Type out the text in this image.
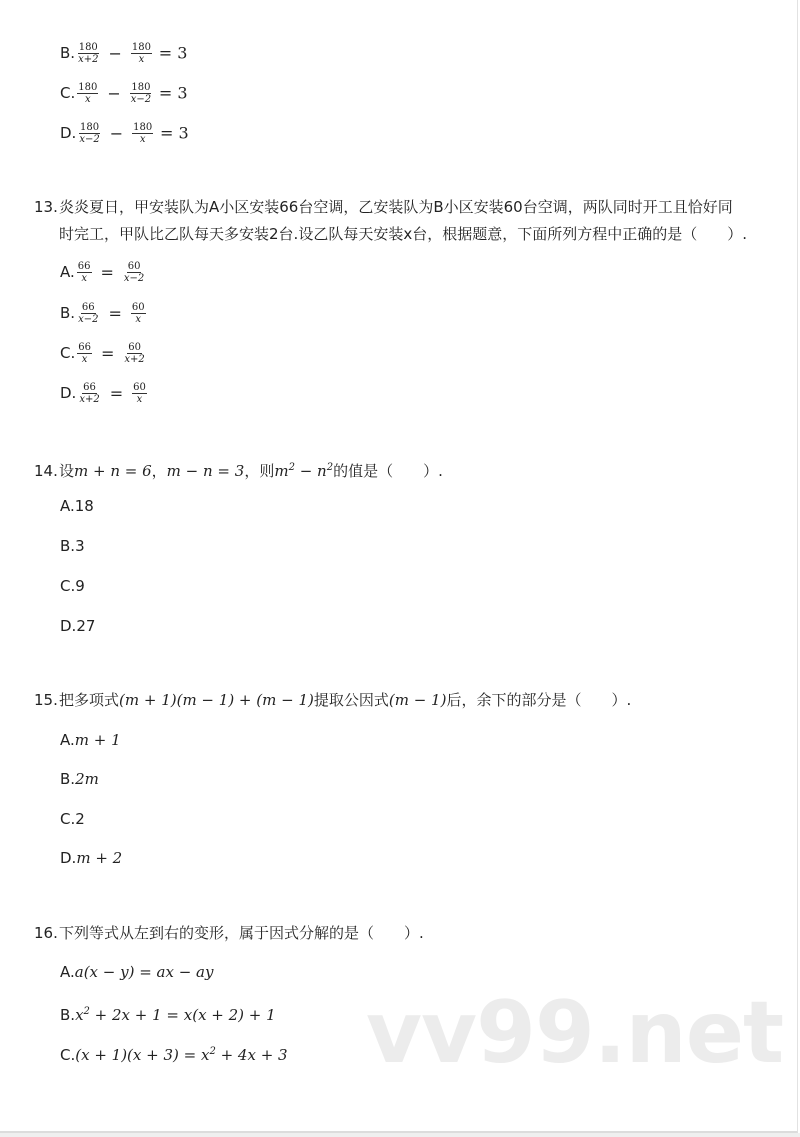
B. $\frac{180}{x+2} - \frac{180}{x} = 3$
C. $\frac{180}{x} - \frac{180}{x-2} = 3$
D. $\frac{180}{x-2} - \frac{180}{x} = 3$
13.炎炎夏日，甲安装队为A小区安装66台空调，乙安装队为B小区安装60台空调，两队同时开工且恰好同
时完工，甲队比乙队每天多安装2台.设乙队每天安装x台，根据题意，下面所列方程中正确的是（　　）.
A. $\frac{66}{x} = \frac{60}{x-2}$
B. $\frac{66}{x-2} = \frac{60}{x}$
C. $\frac{66}{x} = \frac{60}{x+2}$
D. $\frac{66}{x+2} = \frac{60}{x}$
14.设m + n = 6，m − n = 3，则$m^2 - n^2$的值是（　　）.
A.18
B.3
C.9
D.27
15.把多项式(m + 1)(m − 1) + (m − 1)提取公因式(m − 1)后，余下的部分是（　　）.
A.m + 1
B.2m
C.2
D.m + 2
16.下列等式从左到右的变形，属于因式分解的是（　　）.
A.a(x − y) = ax − ay
$B.x^2 + 2x + 1 = x(x + 2) + 1$
$C.(x + 1)(x + 3) = x^2 + 4x + 3$ vv99.net
